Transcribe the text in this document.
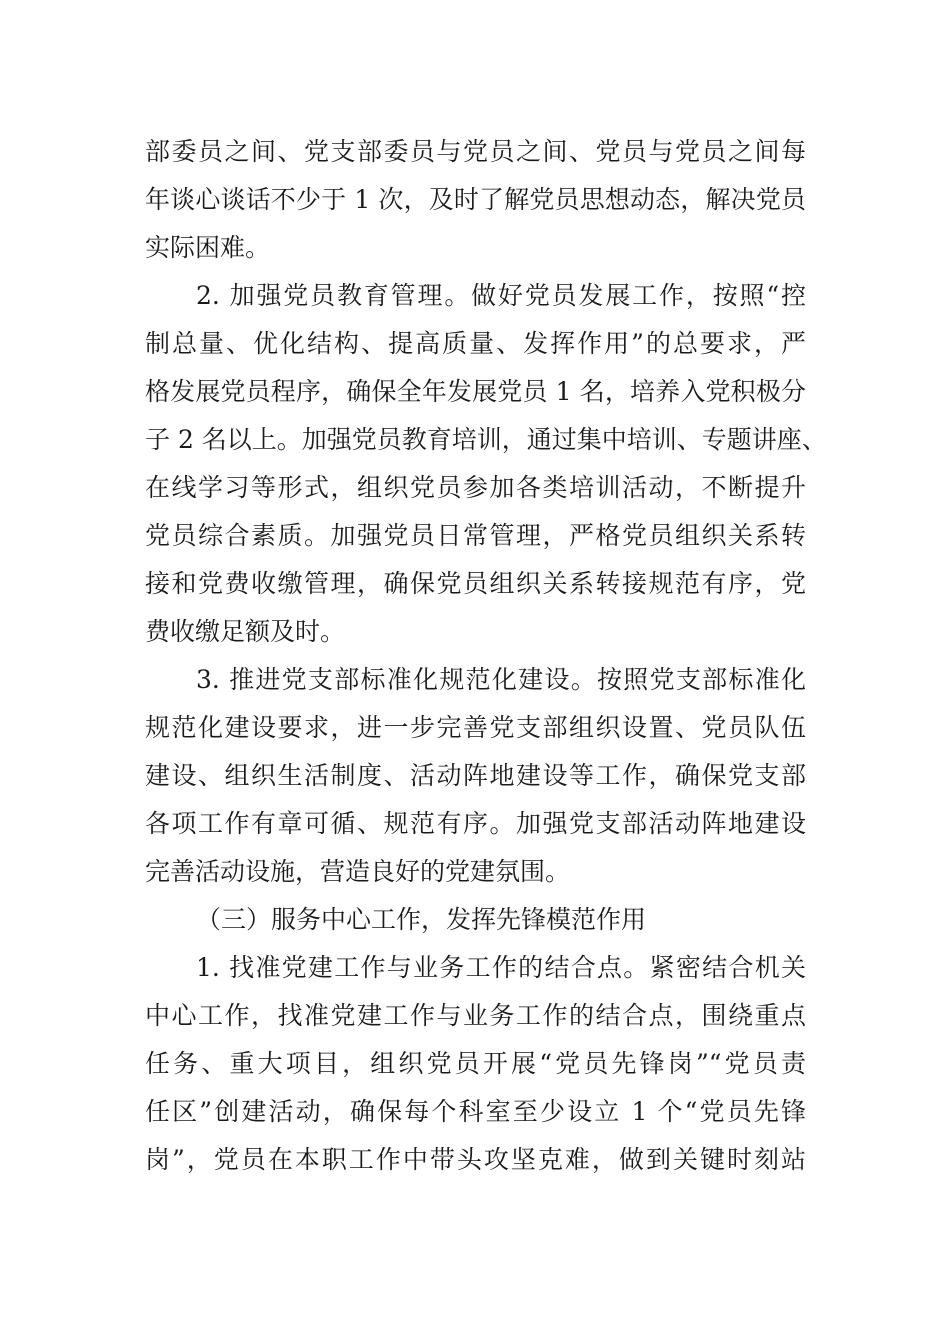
部委员之间、党支部委员与党员之间、党员与党员之间每
年谈心谈话不少于 1 次，及时了解党员思想动态，解决党员
实际困难。
2. 加强党员教育管理。做好党员发展工作，按照“控
制总量、优化结构、提高质量、发挥作用”的总要求，严
格发展党员程序，确保全年发展党员 1 名，培养入党积极分
子 2 名以上。加强党员教育培训，通过集中培训、专题讲座、
在线学习等形式，组织党员参加各类培训活动，不断提升
党员综合素质。加强党员日常管理，严格党员组织关系转
接和党费收缴管理，确保党员组织关系转接规范有序，党
费收缴足额及时。
3. 推进党支部标准化规范化建设。按照党支部标准化
规范化建设要求，进一步完善党支部组织设置、党员队伍
建设、组织生活制度、活动阵地建设等工作，确保党支部
各项工作有章可循、规范有序。加强党支部活动阵地建设
完善活动设施，营造良好的党建氛围。
（三）服务中心工作，发挥先锋模范作用
1. 找准党建工作与业务工作的结合点。紧密结合机关
中心工作，找准党建工作与业务工作的结合点，围绕重点
任务、重大项目，组织党员开展“党员先锋岗”“党员责
任区”创建活动，确保每个科室至少设立 1 个“党员先锋
岗”，党员在本职工作中带头攻坚克难，做到关键时刻站
